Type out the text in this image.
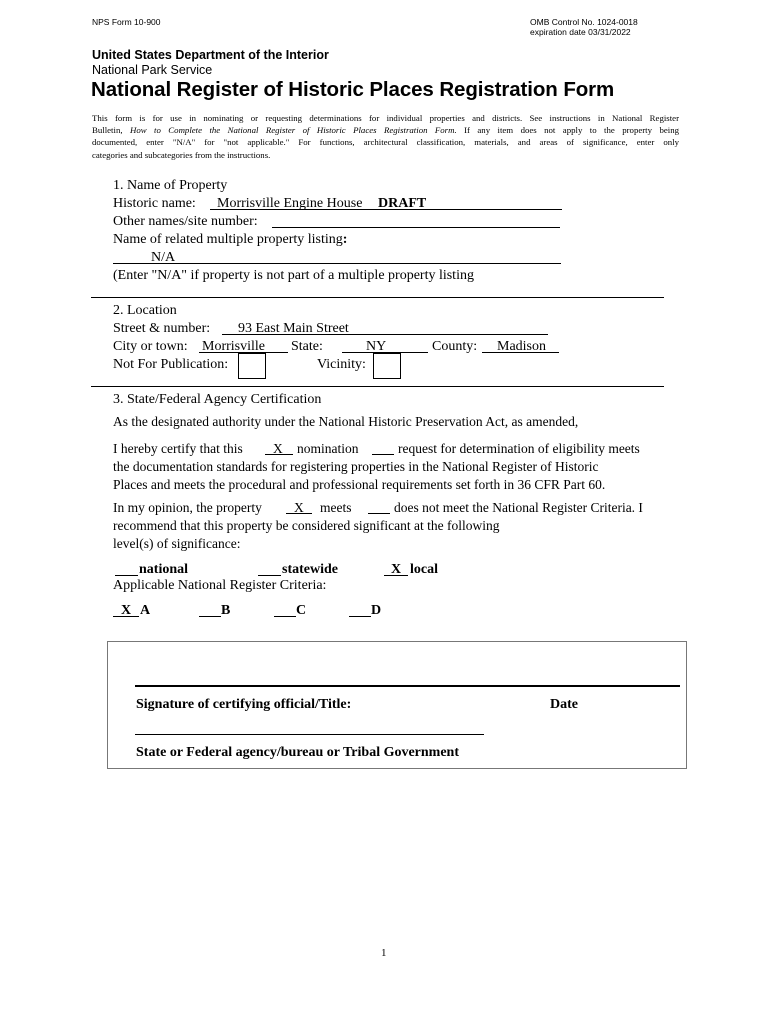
NPS Form 10-900	OMB Control No. 1024-0018
expiration date 03/31/2022
United States Department of the Interior
National Park Service
National Register of Historic Places Registration Form
This form is for use in nominating or requesting determinations for individual properties and districts. See instructions in National Register
Bulletin, How to Complete the National Register of Historic Places Registration Form. If any item does not apply to the property being
documented, enter "N/A" for "not applicable." For functions, architectural classification, materials, and areas of significance, enter only
categories and subcategories from the instructions.
1. Name of Property
Historic name: Morrisville Engine House DRAFT
Other names/site number:
Name of related multiple property listing:
N/A
(Enter "N/A" if property is not part of a multiple property listing
2. Location
Street & number: 93 East Main Street
City or town: Morrisville State:	NY	County: Madison
Not For Publication:	Vicinity:
3. State/Federal Agency Certification
As the designated authority under the National Historic Preservation Act, as amended,
I hereby certify that this X nomination	request for determination of eligibility meets
the documentation standards for registering properties in the National Register of Historic
Places and meets the procedural and professional requirements set forth in 36 CFR Part 60.
In my opinion, the property X meets	does not meet the National Register Criteria. I
recommend that this property be considered significant at the following
level(s) of significance:
national	statewide	X local
Applicable National Register Criteria:
X A	B	C	D
Signature of certifying official/Title:	Date
State or Federal agency/bureau or Tribal Government
1
